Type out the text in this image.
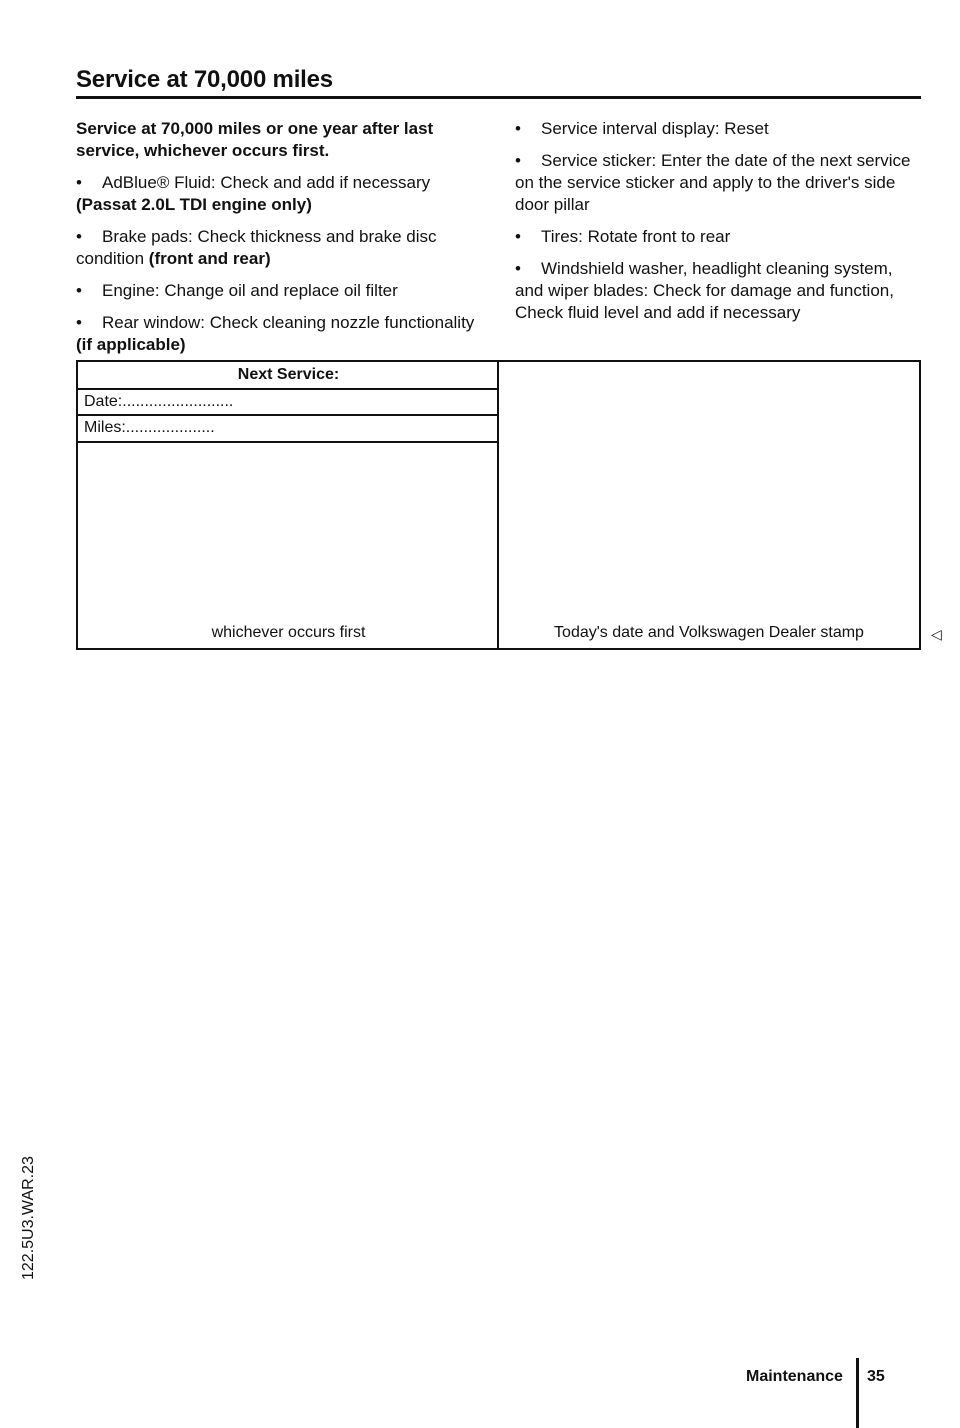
Service at 70,000 miles

Service at 70,000 miles or one year after last service, whichever occurs first.

• AdBlue® Fluid: Check and add if necessary (Passat 2.0L TDI engine only)

• Brake pads: Check thickness and brake disc condition (front and rear)

• Engine: Change oil and replace oil filter

• Rear window: Check cleaning nozzle functionality (if applicable)

• Service interval display: Reset

• Service sticker: Enter the date of the next service on the service sticker and apply to the driver's side door pillar

• Tires: Rotate front to rear

• Windshield washer, headlight cleaning system, and wiper blades: Check for damage and function, Check fluid level and add if necessary

Next Service:
Date:.........................
Miles:....................
whichever occurs first	Today's date and Volkswagen Dealer stamp	◁
122.5U3.WAR.23
Maintenance 35
